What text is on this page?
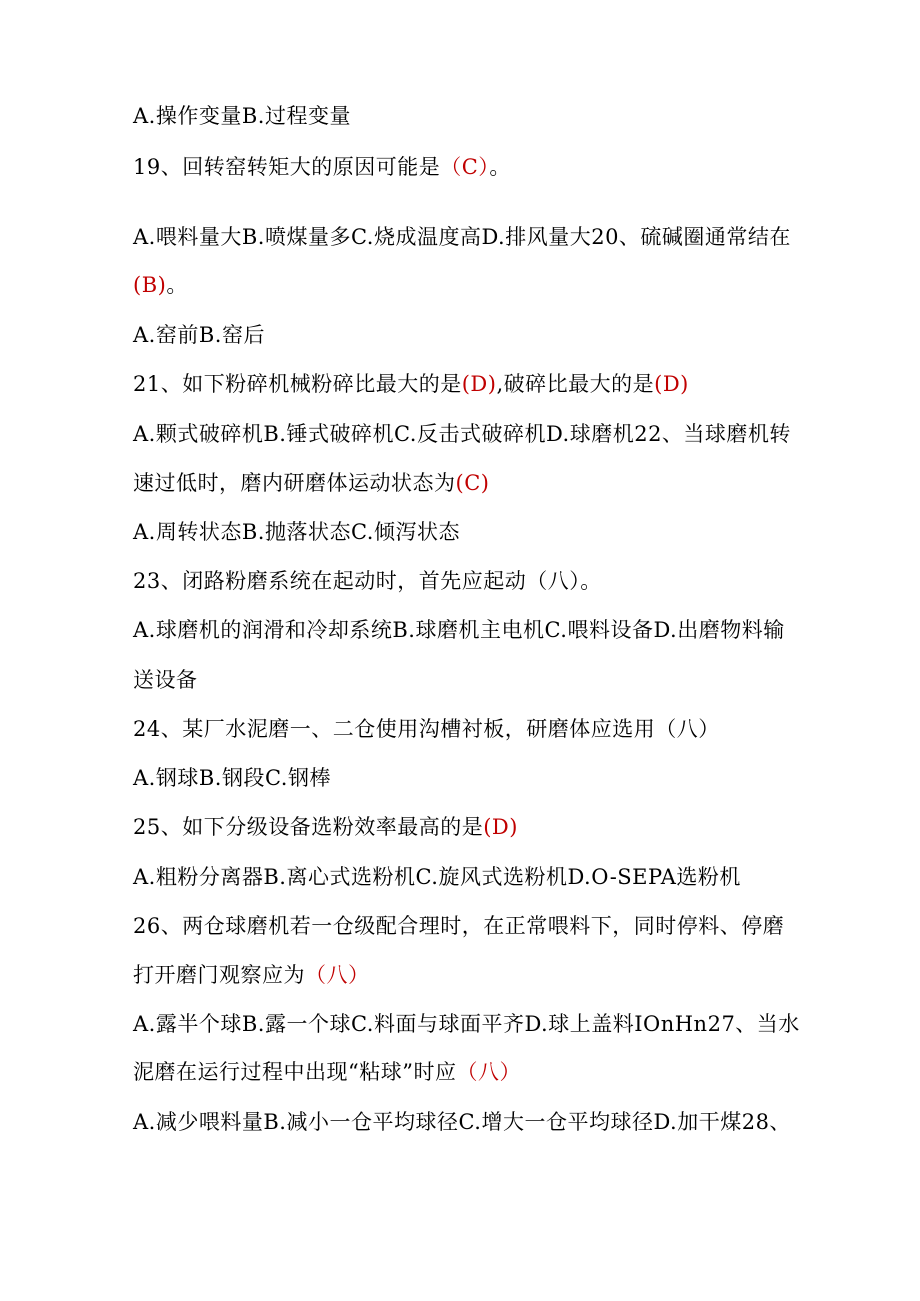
A.操作变量B.过程变量
19、回转窑转矩大的原因可能是（C）。
A.喂料量大B.喷煤量多C.烧成温度高D.排风量大20、硫碱圈通常结在
(B)。
A.窑前B.窑后
21、如下粉碎机械粉碎比最大的是(D),破碎比最大的是(D)
A.颗式破碎机B.锤式破碎机C.反击式破碎机D.球磨机22、当球磨机转
速过低时，磨内研磨体运动状态为(C)
A.周转状态B.抛落状态C.倾泻状态
23、闭路粉磨系统在起动时，首先应起动（八）。
A.球磨机的润滑和冷却系统B.球磨机主电机C.喂料设备D.出磨物料输
送设备
24、某厂水泥磨一、二仓使用沟槽衬板，研磨体应选用（八）
A.钢球B.钢段C.钢棒
25、如下分级设备选粉效率最高的是(D)
A.粗粉分离器B.离心式选粉机C.旋风式选粉机D.O-SEPA选粉机
26、两仓球磨机若一仓级配合理时，在正常喂料下，同时停料、停磨
打开磨门观察应为（八）
A.露半个球B.露一个球C.料面与球面平齐D.球上盖料IOnHn27、当水
泥磨在运行过程中出现“粘球”时应（八）
A.减少喂料量B.减小一仓平均球径C.增大一仓平均球径D.加干煤28、
